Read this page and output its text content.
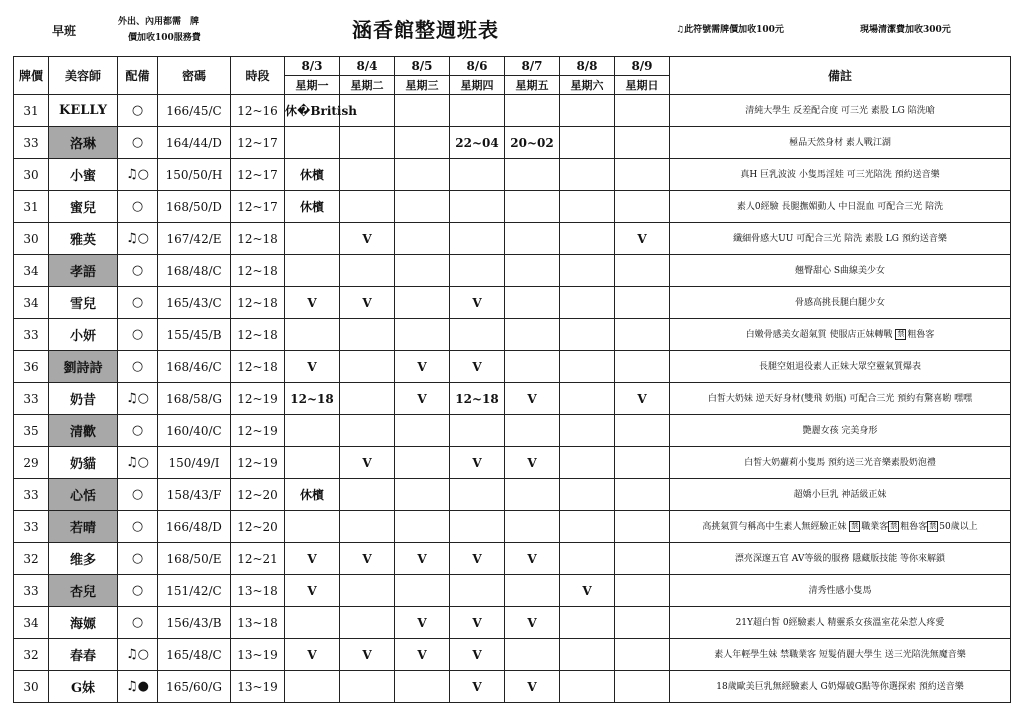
早班
外出、內用都需　牌
價加收100服務費	涵香館整週班表	♫此符號需牌價加收100元	現場清潔費加收300元
牌價	美容師	配備	密碼	時段	8/3	8/4	8/5	8/6	8/7	8/8	8/9	備註
					星期一	星期二	星期三	星期四	星期五	星期六	星期日	
31	KELLY	○	166/45/C	12~16	休�British							清純大學生 反差配合度 可三光 素股 LG 陪洗嗆
33	洛琳	○	164/44/D	12~17				22~04	20~02			極品天然身材 素人戰江湖
30	小蜜	♫○	150/50/H	12~17	休檳							真H 巨乳波波 小隻馬淫娃 可三光陪洗 預約送音樂
31	蜜兒	○	168/50/D	12~17	休檳							素人0經驗 長腿撫媚動人 中日混血 可配合三光 陪洗
30	雅英	♫○	167/42/E	12~18		V					V	纖細骨感大UU 可配合三光 陪洗 素股 LG 預約送音樂
34	孝語	○	168/48/C	12~18								翹臀甜心 S曲線美少女
34	雪兒	○	165/43/C	12~18	V	V		V				骨感高挑長腿白腿少女
33	小妍	○	155/45/B	12~18								白嫩骨感美女超氣質 使服店正妹轉戰 禁 粗魯客
36	劉詩詩	○	168/46/C	12~18	V		V	V				長腿空姐退役素人正妹大眾空靈氣質爆表
33	奶昔	♫○	168/58/G	12~19	12~18		V	12~18	V		V	白皙大奶妹 逆天好身材(雙飛 奶瓶) 可配合三光 預約有驚喜喲 嘿嘿
35	清歡	○	160/40/C	12~19								艷麗女孩 完美身形
29	奶貓	♫○	150/49/I	12~19		V		V	V			白皙大奶蘿莉小隻馬 預約送三光音樂素股奶泡禮
33	心恬	○	158/43/F	12~20	休檳							超嬌小巨乳 神話級正妹
33	若晴	○	166/48/D	12~20								高挑氣質勻稱高中生素人無經驗正妹 禁 職業客 禁 粗魯客 禁 50歲以上
32	维多	○	168/50/E	12~21	V	V	V	V	V			漂亮深邃五官 AV等級的服務 隱藏版技能 等你來解鎖
33	杏兒	○	151/42/C	13~18	V					V		清秀性感小隻馬
34	海嫄	○	156/43/B	13~18			V	V	V			21Y超白皙 0經驗素人 精靈系女孩溫室花朵惹人疼愛
32	春春	♫○	165/48/C	13~19	V	V	V	V				素人年輕學生妹 禁職業客 短髮俏麗大學生 送三光陪洗無魔音樂
30	G妹	♫●	165/60/G	13~19				V	V			18歲歐美巨乳無經驗素人 G奶爆破G點等你選探索 預約送音樂
